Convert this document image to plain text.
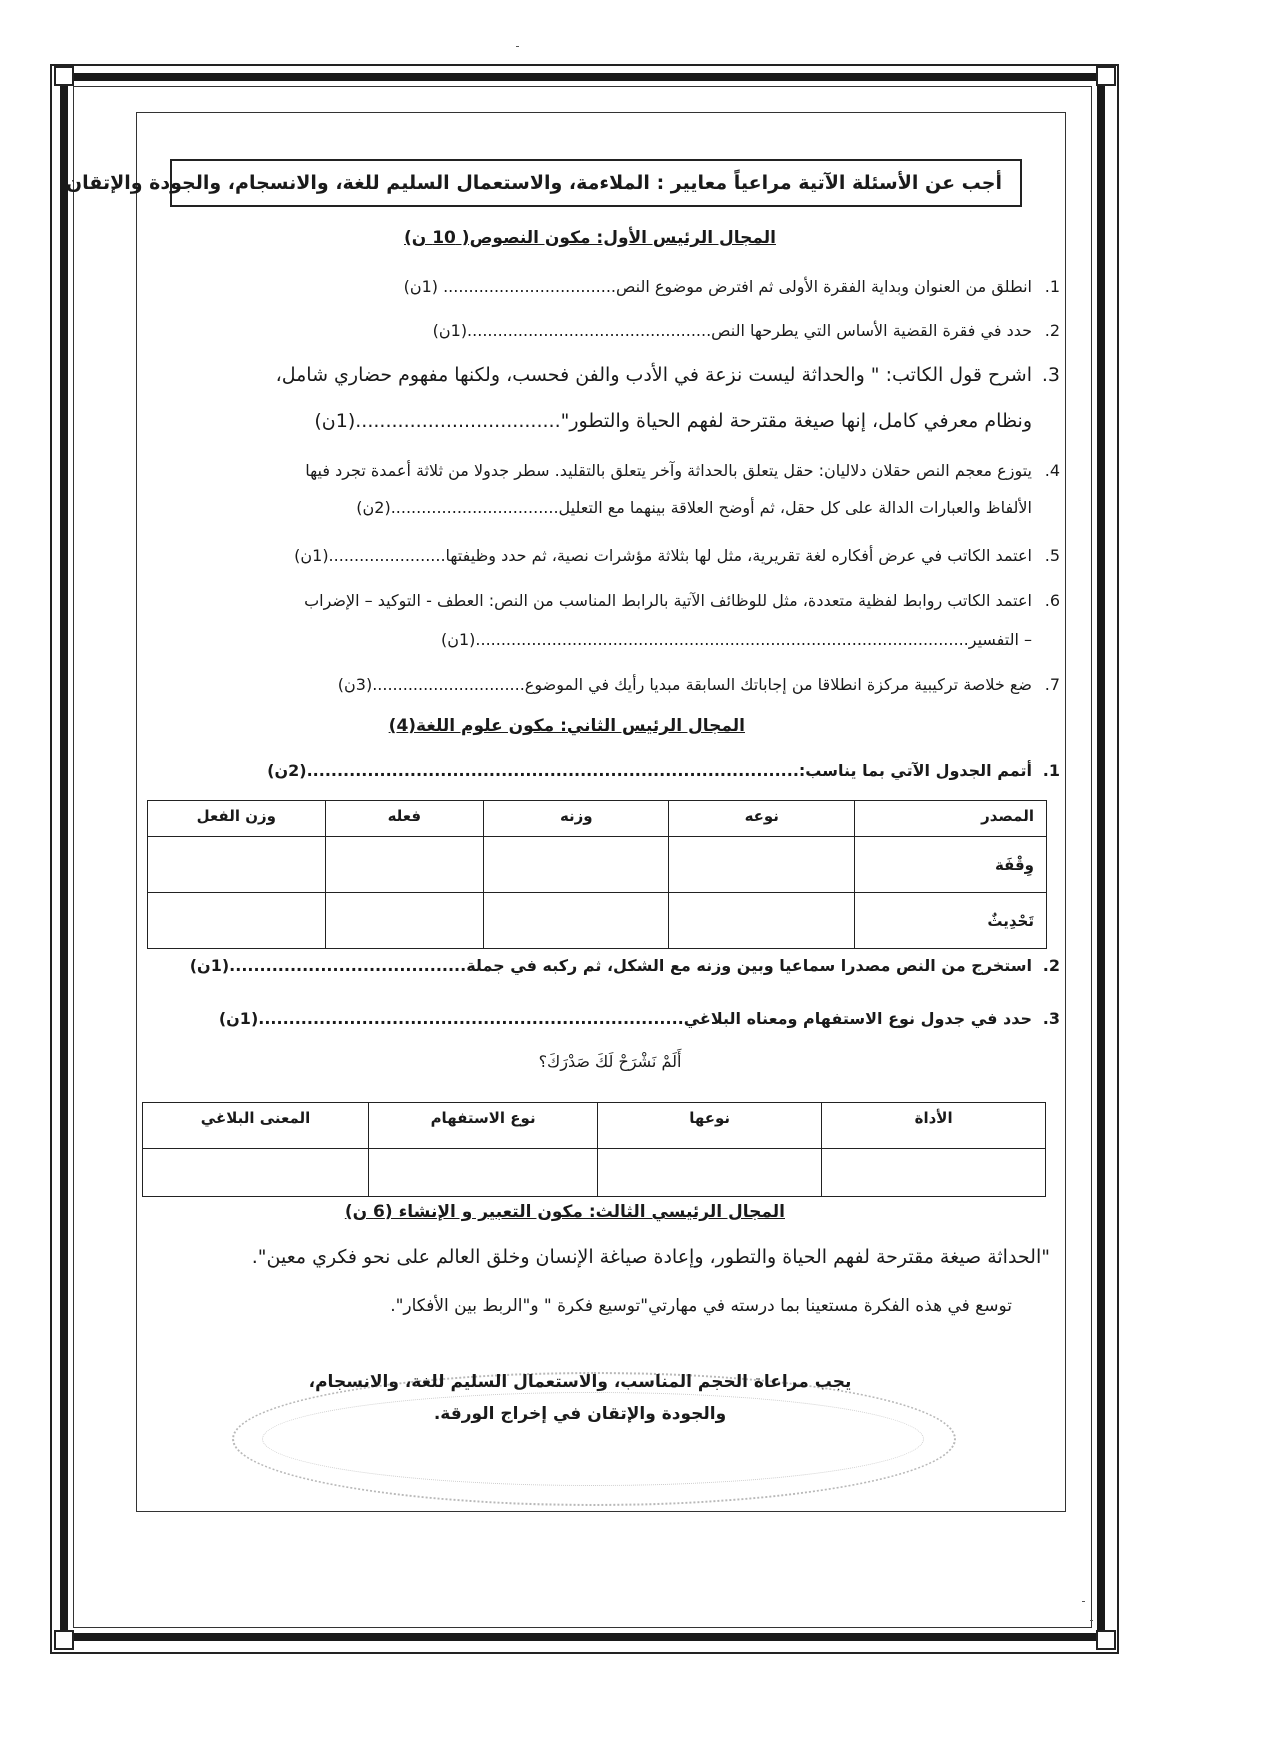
أجب عن الأسئلة الآتية مراعياً معايير : الملاءمة، والاستعمال السليم للغة، والانسجام، والجودة والإتقان
المجال الرئيس الأول: مكون النصوص( 10 ن)
1.انطلق من العنوان وبداية الفقرة الأولى ثم افترض موضوع النص.................................. (1ن)
2.حدد في فقرة القضية الأساس التي يطرحها النص................................................(1ن)
3.اشرح قول الكاتب: " والحداثة ليست نزعة في الأدب والفن فحسب، ولكنها مفهوم حضاري شامل،
ونظام معرفي كامل، إنها صيغة مقترحة لفهم الحياة والتطور"..................................(1ن)
4.يتوزع معجم النص حقلان دلاليان: حقل يتعلق بالحداثة وآخر يتعلق بالتقليد. سطر جدولا من ثلاثة أعمدة تجرد فيها
الألفاظ والعبارات الدالة على كل حقل، ثم أوضح العلاقة بينهما مع التعليل.................................(2ن)
5.اعتمد الكاتب في عرض أفكاره لغة تقريرية، مثل لها بثلاثة مؤشرات نصية، ثم حدد وظيفتها.......................(1ن)
6.اعتمد الكاتب روابط لفظية متعددة، مثل للوظائف الآتية بالرابط المناسب من النص: العطف - التوكيد – الإضراب
– التفسير.................................................................................................(1ن)
7.ضع خلاصة تركيبية مركزة انطلاقا من إجاباتك السابقة مبديا رأيك في الموضوع..............................(3ن)
المجال الرئيس الثاني: مكون علوم اللغة(4)
1.أتمم الجدول الآتي بما يناسب:.................................................................................(2ن)
المصدر	نوعه	وزنه	فعله	وزن الفعل
وِقْفَة				
تَحْدِيثٌ				
2.استخرج من النص مصدرا سماعيا وبين وزنه مع الشكل، ثم ركبه في جملة.......................................(1ن)
3.حدد في جدول نوع الاستفهام ومعناه البلاغي......................................................................(1ن)
أَلَمْ نَشْرَحْ لَكَ صَدْرَكَ؟
الأداة	نوعها	نوع الاستفهام	المعنى البلاغي

المجال الرئيسي الثالث: مكون التعبير و الإنشاء (6 ن)
"الحداثة صيغة مقترحة لفهم الحياة والتطور، وإعادة صياغة الإنسان وخلق العالم على نحو فكري معين".
توسع في هذه الفكرة مستعينا بما درسته في مهارتي"توسيع فكرة " و"الربط بين الأفكار".
يجب مراعاة الحجم المناسب، والاستعمال السليم للغة، والانسجام،
والجودة والإتقان في إخراج الورقة.
